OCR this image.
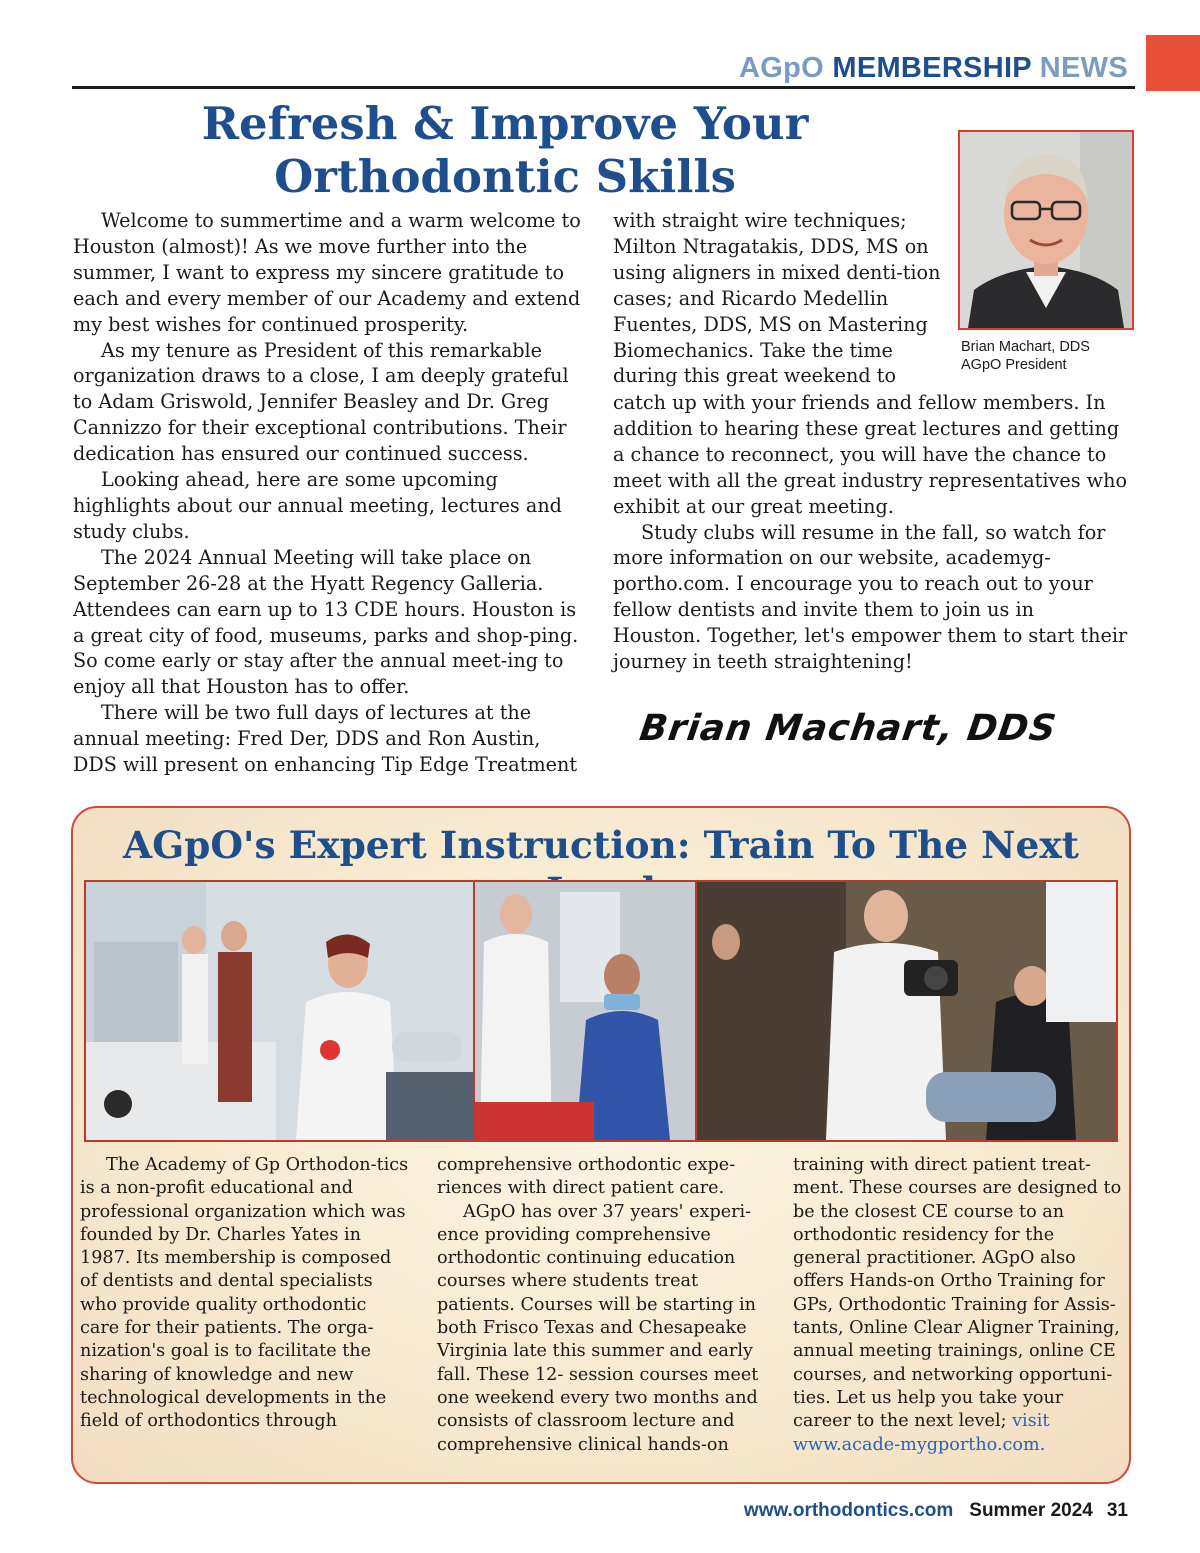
AGpO MEMBERSHIP NEWS
Refresh & Improve Your
Orthodontic Skills
Brian Machart, DDS
AGpO President

Welcome to summertime and a warm welcome to Houston (almost)! As we move further into the summer, I want to express my sincere gratitude to each and every member of our Academy and extend my best wishes for continued prosperity.

As my tenure as President of this remarkable organization draws to a close, I am deeply grateful to Adam Griswold, Jennifer Beasley and Dr. Greg Cannizzo for their exceptional contributions. Their dedication has ensured our continued success.

Looking ahead, here are some upcoming highlights about our annual meeting, lectures and study clubs.

The 2024 Annual Meeting will take place on September 26-28 at the Hyatt Regency Galleria. Attendees can earn up to 13 CDE hours. Houston is a great city of food, museums, parks and shop-ping. So come early or stay after the annual meet-ing to enjoy all that Houston has to offer.

There will be two full days of lectures at the annual meeting: Fred Der, DDS and Ron Austin, DDS will present on enhancing Tip Edge Treatment

with straight wire techniques; Milton Ntragatakis, DDS, MS on using aligners in mixed denti-tion cases; and Ricardo Medellin Fuentes, DDS, MS on Mastering Biomechanics. Take the time during this great weekend to

catch up with your friends and fellow members. In addition to hearing these great lectures and getting a chance to reconnect, you will have the chance to meet with all the great industry representatives who exhibit at our great meeting.

Study clubs will resume in the fall, so watch for more information on our website, academyg-portho.com. I encourage you to reach out to your fellow dentists and invite them to join us in Houston. Together, let's empower them to start their journey in teeth straightening!

Brian Machart, DDS
AGpO's Expert Instruction: Train To The Next

The Academy of Gp Orthodon-tics is a non-profit educational and professional organization which was founded by Dr. Charles Yates in 1987. Its membership is composed of dentists and dental specialists who provide quality orthodontic care for their patients. The orga-nization's goal is to facilitate the sharing of knowledge and new technological developments in the field of orthodontics through

comprehensive orthodontic expe-riences with direct patient care.

AGpO has over 37 years' experi-ence providing comprehensive orthodontic continuing education courses where students treat patients. Courses will be starting in both Frisco Texas and Chesapeake Virginia late this summer and early fall. These 12- session courses meet one weekend every two months and consists of classroom lecture and comprehensive clinical hands-on

training with direct patient treat-ment. These courses are designed to be the closest CE course to an orthodontic residency for the general practitioner. AGpO also offers Hands-on Ortho Training for GPs, Orthodontic Training for Assis-tants, Online Clear Aligner Training, annual meeting trainings, online CE courses, and networking opportuni-ties. Let us help you take your career to the next level; visit www.acade-mygportho.com.

www.orthodontics.com Summer 2024 31
